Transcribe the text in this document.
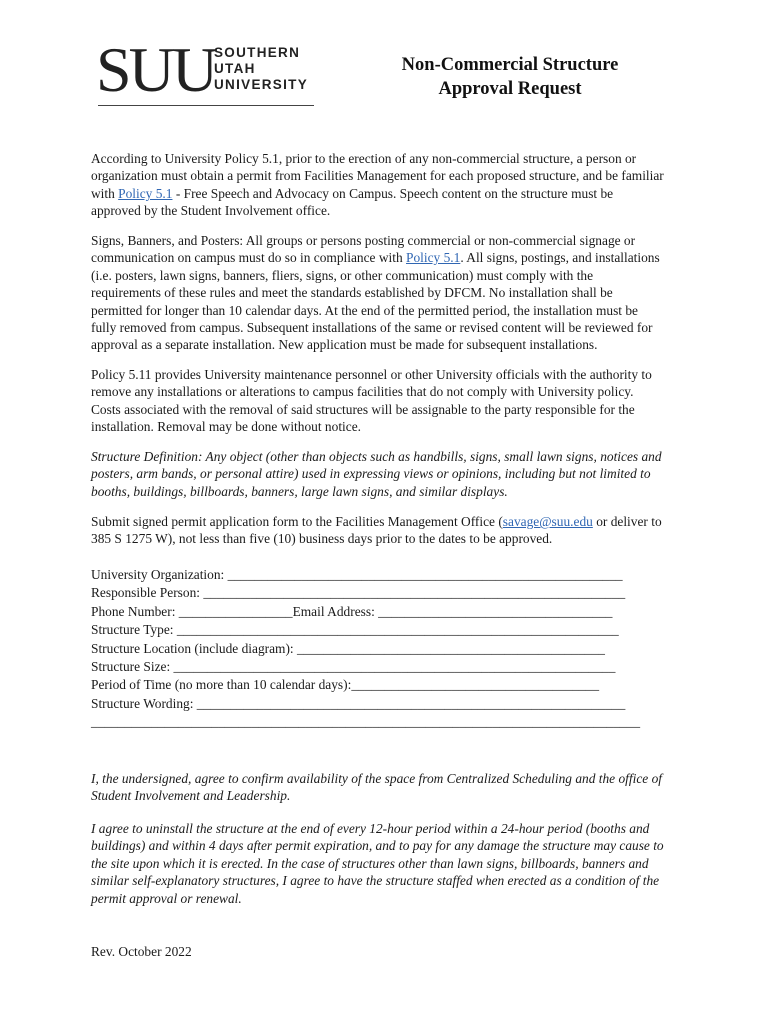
SUU
SOUTHERN
UTAH
UNIVERSITY
Non-Commercial Structure
Approval Request

According to University Policy 5.1, prior to the erection of any non-commercial structure, a person or organization must obtain a permit from Facilities Management for each proposed structure, and be familiar with Policy 5.1 - Free Speech and Advocacy on Campus. Speech content on the structure must be approved by the Student Involvement office.

Signs, Banners, and Posters: All groups or persons posting commercial or non-commercial signage or communication on campus must do so in compliance with Policy 5.1. All signs, postings, and installations (i.e. posters, lawn signs, banners, fliers, signs, or other communication) must comply with the requirements of these rules and meet the standards established by DFCM. No installation shall be permitted for longer than 10 calendar days. At the end of the permitted period, the installation must be fully removed from campus. Subsequent installations of the same or revised content will be reviewed for approval as a separate installation. New application must be made for subsequent installations.

Policy 5.11 provides University maintenance personnel or other University officials with the authority to remove any installations or alterations to campus facilities that do not comply with University policy. Costs associated with the removal of said structures will be assignable to the party responsible for the installation. Removal may be done without notice.

Structure Definition: Any object (other than objects such as handbills, signs, small lawn signs, notices and posters, arm bands, or personal attire) used in expressing views or opinions, including but not limited to booths, buildings, billboards, banners, large lawn signs, and similar displays.

Submit signed permit application form to the Facilities Management Office (savage@suu.edu or deliver to 385 S 1275 W), not less than five (10) business days prior to the dates to be approved.

University Organization: ___________________________________________________________
Responsible Person: _______________________________________________________________
Phone Number: _________________Email Address: ___________________________________
Structure Type: __________________________________________________________________
Structure Location (include diagram): ______________________________________________
Structure Size: __________________________________________________________________
Period of Time (no more than 10 calendar days):_____________________________________
Structure Wording: ________________________________________________________________
__________________________________________________________________________________

I, the undersigned, agree to confirm availability of the space from Centralized Scheduling and the office of Student Involvement and Leadership.

I agree to uninstall the structure at the end of every 12-hour period within a 24-hour period (booths and buildings) and within 4 days after permit expiration, and to pay for any damage the structure may cause to the site upon which it is erected. In the case of structures other than lawn signs, billboards, banners and similar self-explanatory structures, I agree to have the structure staffed when erected as a condition of the permit approval or renewal.

Rev. October 2022
